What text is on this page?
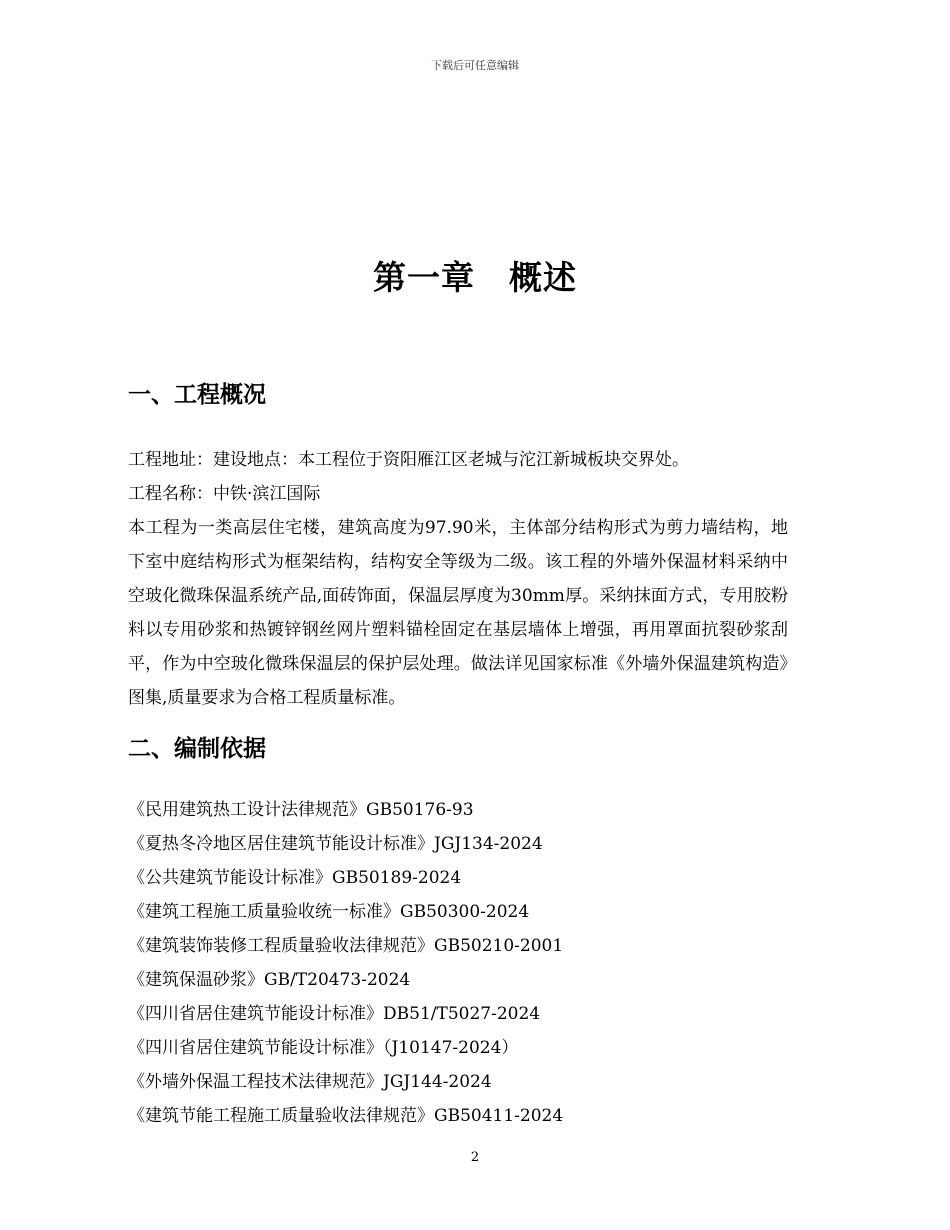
下载后可任意编辑
第一章　概述
一、工程概况

工程地址：建设地点：本工程位于资阳雁江区老城与沱江新城板块交界处。

工程名称：中铁·滨江国际

本工程为一类高层住宅楼，建筑高度为97.90米，主体部分结构形式为剪力墙结构，地下室中庭结构形式为框架结构，结构安全等级为二级。该工程的外墙外保温材料采纳中空玻化微珠保温系统产品,面砖饰面，保温层厚度为30mm厚。采纳抹面方式，专用胶粉料以专用砂浆和热镀锌钢丝网片塑料锚栓固定在基层墙体上增强，再用罩面抗裂砂浆刮平，作为中空玻化微珠保温层的保护层处理。做法详见国家标准《外墙外保温建筑构造》图集,质量要求为合格工程质量标准。

二、编制依据

《民用建筑热工设计法律规范》GB50176-93

《夏热冬冷地区居住建筑节能设计标准》JGJ134-2024

《公共建筑节能设计标准》GB50189-2024

《建筑工程施工质量验收统一标准》GB50300-2024

《建筑装饰装修工程质量验收法律规范》GB50210-2001

《建筑保温砂浆》GB/T20473-2024

《四川省居住建筑节能设计标准》DB51/T5027-2024

《四川省居住建筑节能设计标准》（J10147-2024）

《外墙外保温工程技术法律规范》JGJ144-2024

《建筑节能工程施工质量验收法律规范》GB50411-2024

2
